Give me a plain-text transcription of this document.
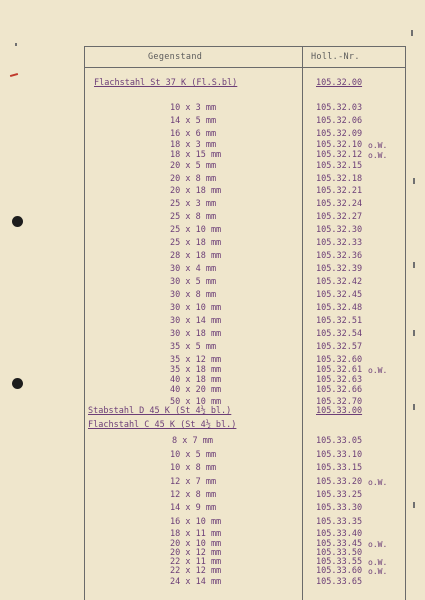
Gegenstand	Holl.-Nr.
Flachstahl St 37 K (Fl.S.bl)	105.32.00
10 x 3 mm	105.32.03
14 x 5 mm	105.32.06
16 x 6 mm	105.32.09
18 x 3 mm	105.32.10 o.W.
18 x 15 mm	105.32.12 o.W.
20 x 5 mm	105.32.15
20 x 8 mm	105.32.18
20 x 18 mm	105.32.21
25 x 3 mm	105.32.24
25 x 8 mm	105.32.27
25 x 10 mm	105.32.30
25 x 18 mm	105.32.33
28 x 18 mm	105.32.36
30 x 4 mm	105.32.39
30 x 5 mm	105.32.42
30 x 8 mm	105.32.45
30 x 10 mm	105.32.48
30 x 14 mm	105.32.51
30 x 18 mm	105.32.54
35 x 5 mm	105.32.57
35 x 12 mm	105.32.60
35 x 18 mm	105.32.61 o.W.
40 x 18 mm	105.32.63
40 x 20 mm	105.32.66
50 x 10 mm	105.32.70
Stabstahl D 45 K (St 4½ bl.)	105.33.00
Flachstahl C 45 K (St 4½ bl.)
8 x 7 mm	105.33.05
10 x 5 mm	105.33.10
10 x 8 mm	105.33.15
12 x 7 mm	105.33.20 o.W.
12 x 8 mm	105.33.25
14 x 9 mm	105.33.30
16 x 10 mm	105.33.35
18 x 11 mm	105.33.40
20 x 10 mm	105.33.45 o.W.
20 x 12 mm	105.33.50
22 x 11 mm	105.33.55 o.W.
22 x 12 mm	105.33.60 o.W.
24 x 14 mm	105.33.65
